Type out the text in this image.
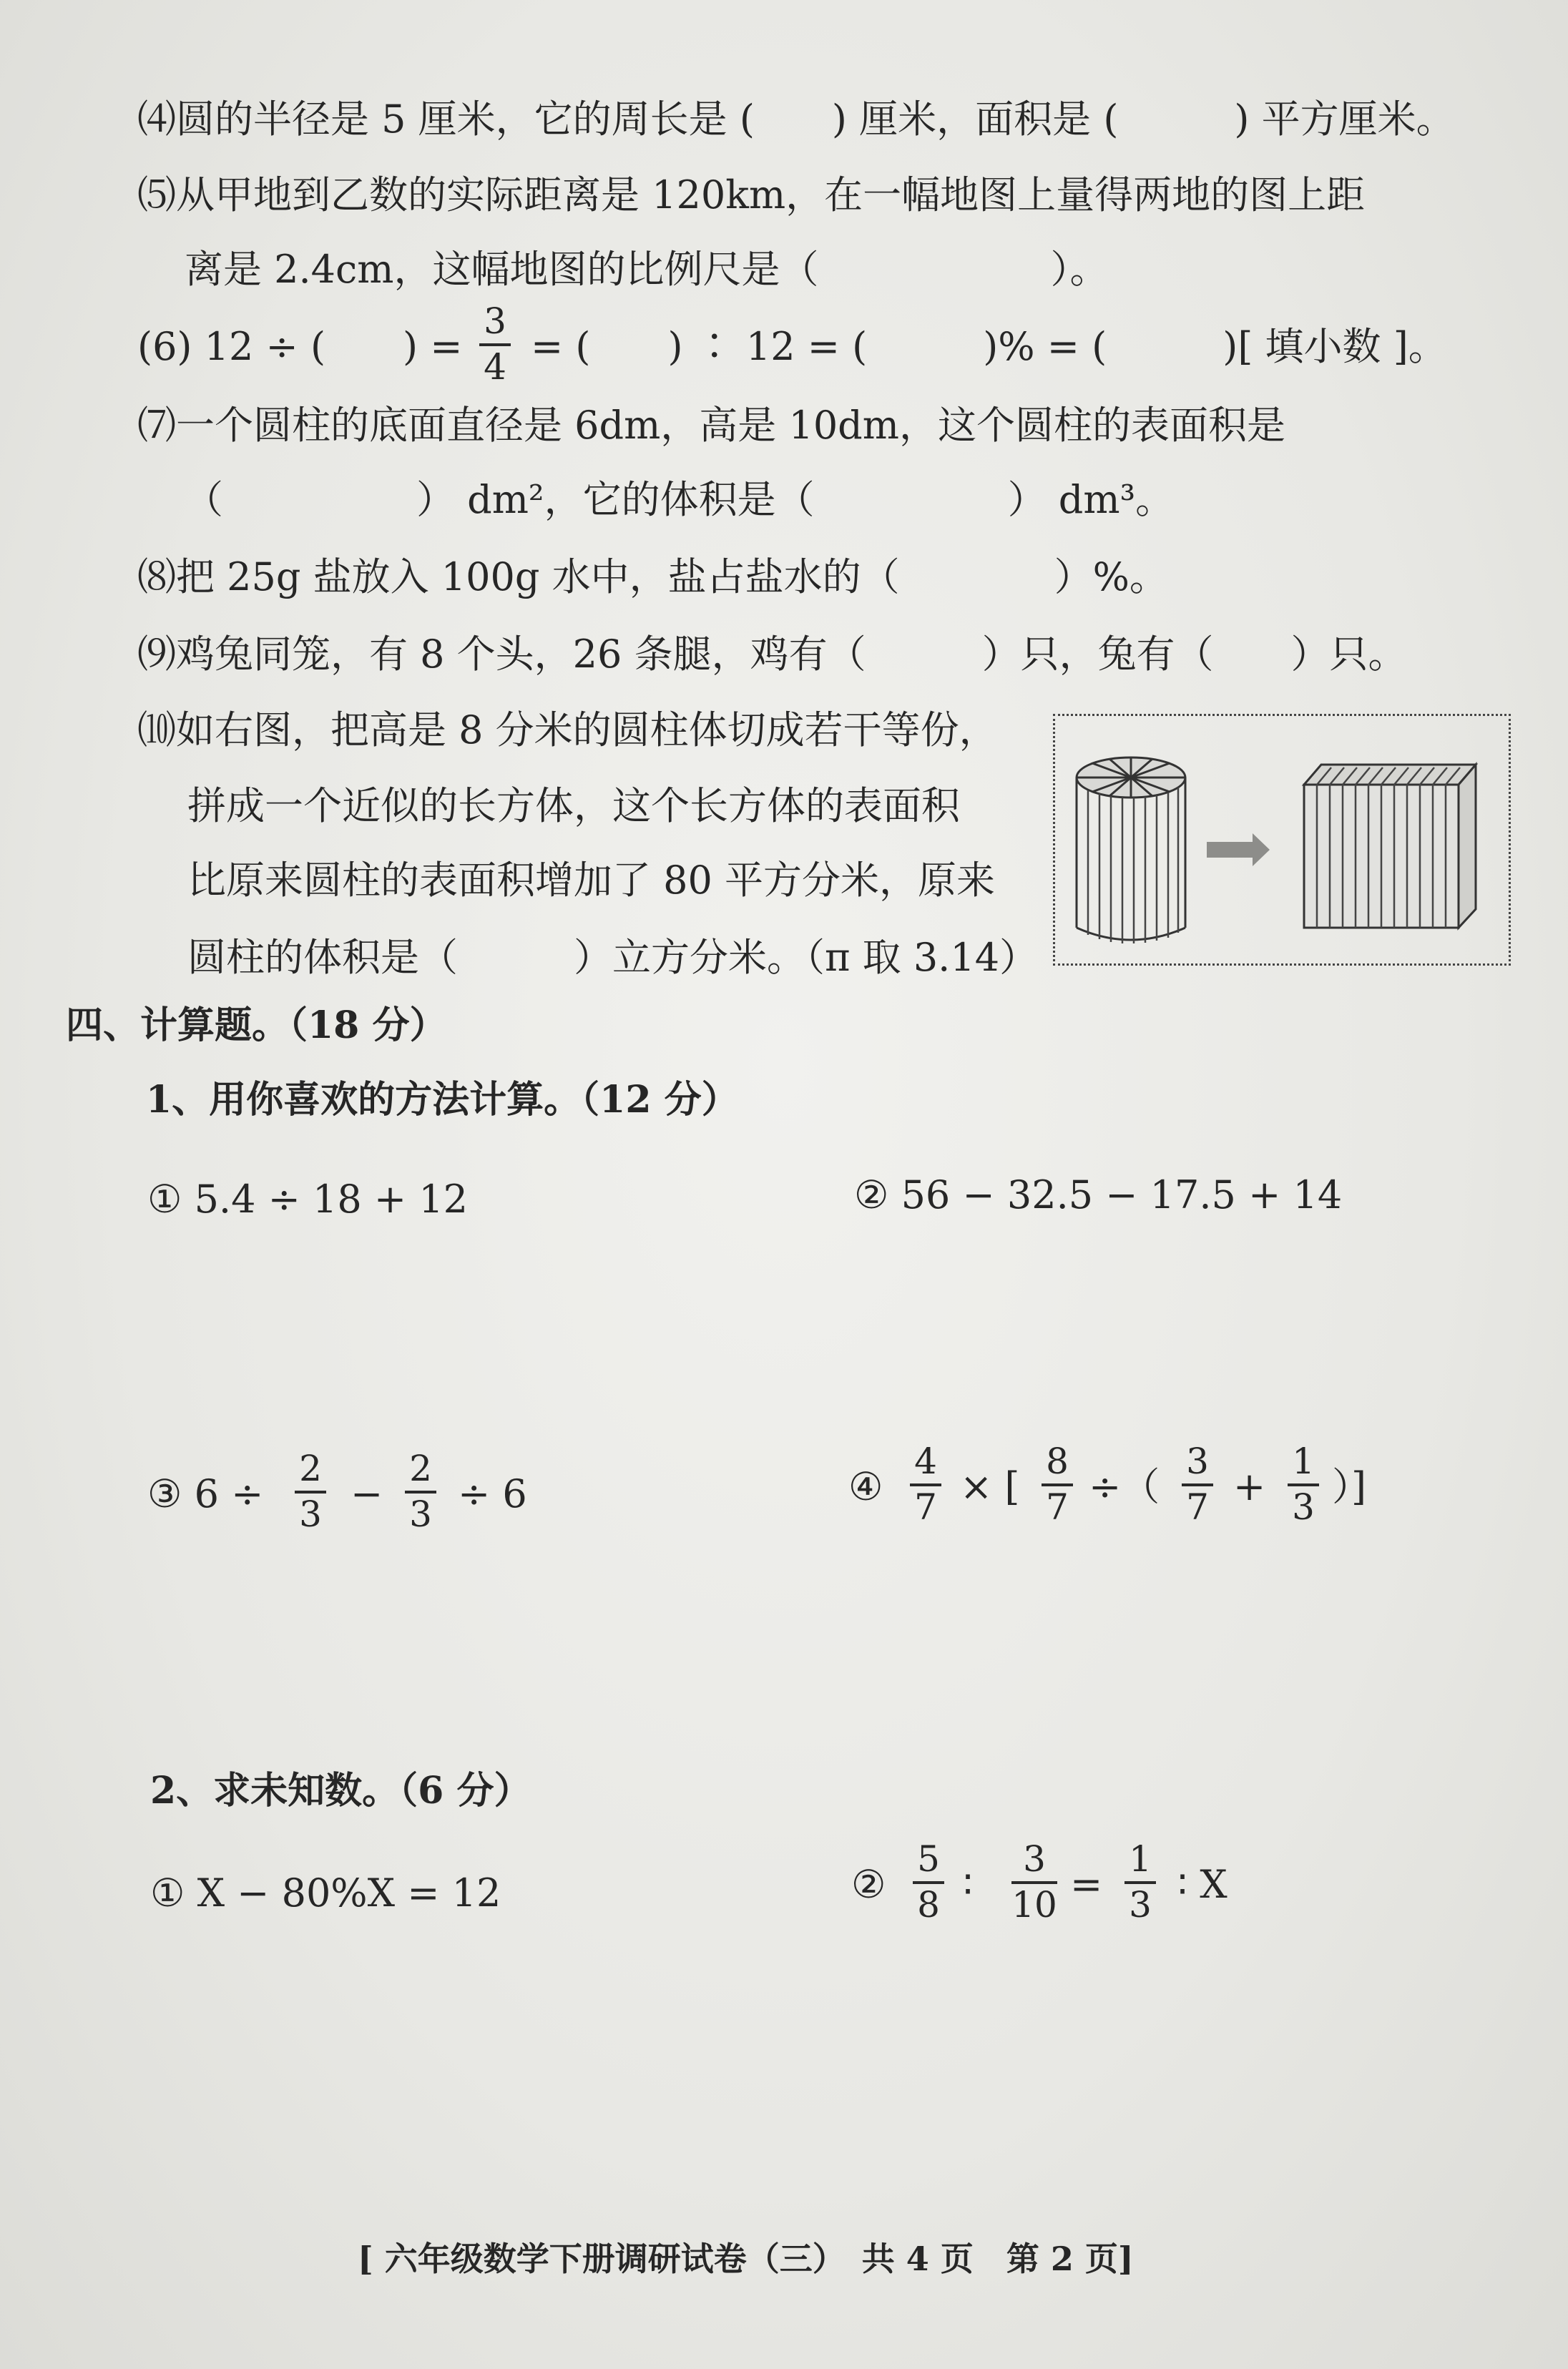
⑷圆的半径是 5 厘米，它的周长是 (　　) 厘米，面积是 (　　　) 平方厘米。
⑸从甲地到乙数的实际距离是 120km，在一幅地图上量得两地的图上距
离是 2.4cm，这幅地图的比例尺是（　　　　　　）。
(6) 12 ÷ (　　) =
3
4 = (　　) ∶ 12 = (　　　)% = (　　　)[ 填小数 ]。
⑺一个圆柱的底面直径是 6dm，高是 10dm，这个圆柱的表面积是
（　　　　　） dm²，它的体积是（　　　　　） dm³。
⑻把 25g 盐放入 100g 水中，盐占盐水的（　　　　）%。
⑼鸡兔同笼，有 8 个头，26 条腿，鸡有（　　　）只，兔有（　　）只。
⑽如右图，把高是 8 分米的圆柱体切成若干等份，
拼成一个近似的长方体，这个长方体的表面积
比原来圆柱的表面积增加了 80 平方分米，原来
圆柱的体积是（　　　）立方分米。（π 取 3.14）
四、计算题。（18 分）
1、用你喜欢的方法计算。（12 分）
① 5.4 ÷ 18 + 12	② 56 − 32.5 − 17.5 + 14
③ 6 ÷
2
3 −
2
3 ÷ 6	④
4
7 × [
8
7 ÷（
3
7 +
1
3 ）]
2、求未知数。（6 分）
① X − 80%X = 12	②
5
8 ∶
3
10 =
1
3 ∶ X
[ 六年级数学下册调研试卷（三）　共 4 页　第 2 页]
